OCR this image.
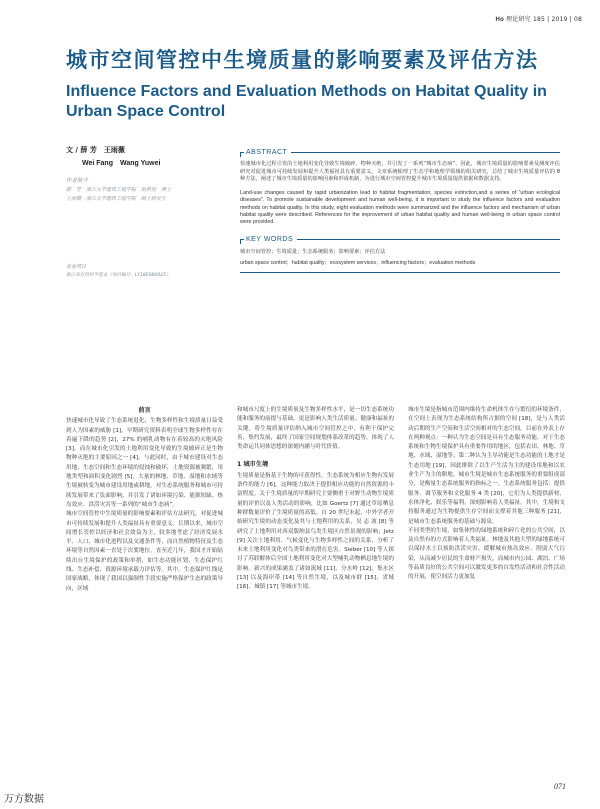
Ho 理论研究 185 | 2019 | 08
城市空间管控中生境质量的影响要素及评估方法
Influence Factors and Evaluation Methods on Habitat Quality in Urban Space Control
文 / 薛 芳　王雨薇
Wei Fang　Wang Yuwei
作者简介
薛　芳　浙江大学建筑工程学院　助教授　博士
王雨薇　浙江大学建筑工程学院　硕士研究生
基金项目
浙江省自然科学基金（项目编号：LY18E080025）
ABSTRACT

快速城市化过程引发的土地利用变化导致生境破碎、物种灭绝，并引发了一系列“城市生态病”，因此，城市生境质量的影响要素及测度评估研究对促进城市可持续发展和提升人类福祉具有重要意义。文章系统梳理了生态学和地理学领域的相关研究，总结了城市生境质量评估的 8 种方法，阐述了城市生境质量的影响因素和形成机制，为进行城市空间管控提升城市生境质量提供依据和数据支持。

Land-use changes caused by rapid urbanization lead to habitat fragmentation, species extinction,and a series of “urban ecological diseases”. To promote sustainable development and human well-being, it is important to study the influence factors and evaluation methods on habitat quality. In this study, eight evaluation methods were summarized and the influence factors and mechanism of urban habitat quality were described. References for the improvement of urban habitat quality and human well-being in urban space control were provided.

KEY WORDS

城市空间管控；生境质量；生态系统服务；影响要素；评估方法

urban space control；habitat quality；ecosystem services；influencing factors；evaluation methods

前言

快速城市化导致了生态系统退化，生物多样性和生境质量日益受到人为因素的威胁 [1]。早期研究资料表明全球生物多样性存在着遍下降的趋势 [2]，27% 的哺乳动物有在着较高的灭绝风险 [3]。而在城市化引发的土地利用变化导致的生境破碎正是生物物种灭绝的主要原因之一 [4]。与此同时，由于城市建设对生态用地、生态空间和生态环境的侵蚀和破坏，土地资源被频繁，用地类型和面积变化剧烈 [5]，大量的林地、草地、湿地和水域等生境被转变为城市建设用地或耕地，对生态系统服务和城市可持续发展带来了负面影响，并引发了诸如环境污染、能源短缺、热岛效应、洪涝灾害等一系列的“城市生态病”。

城市空间管控中生境质量的影响要素和评估方法研究，对促进城市可持续发展和提升人类福祉具有重要意义。长期以来，城市空间增长管控以经济和社会效益为主，较多地考虑了经济发展水平、人口、城市化进程以及交通条件等，而自然植物特征及生态环境等自然因素一直处于次要地位。直至近几年，我国才开始陆续出台生境保护的政策和举措，如生态功能区划、生态保护红线、生态补偿、资源环境承载力评估等。其中，生态保护红线是国家战略，体现了我国以强制性手段实施严格保护生态的政策导向，区域

和城市尺度上的生境质量及生物多样性水平，是一切生态系统功能和服务的前提与基础，更是影响人类生活质量、健康和福祉的关键。将生境质量评估纳入城市空间管控之中，有利于保护完善、集约发展，最终了国家空间规划体系改革的趋势，体现了人类命运共同体思想的深刻内涵与时代价值。

1 城市生境

生境质量是指基于生物的可获得性，生态系统为相应生物有发展条件的能力 [6]。这种能力取决于提供相应功能的自然资源的丰富程度。关于生境质量的早期研究主要侧重于对野生动物生境质量的评价以及人类活动的影响，比如 Goertz [7] 通过草原栖息种群数量评价了生境质量的高低。自 20 世纪末起，中外学者开始研究生境的动态变化及其与土地利用的关系，吴 志 波 [8] 等研究了土地利用对西双版纳县鸟类生境区自然景观的影响；Jetz [9] 关注土地利用、气候变化与生物多样性之间的关系，分析了未来土地利用变化对鸟类带来的潜在危害。Sieber [10] 等人探讨了苏联解体后全国土地利用变化对大型哺乳动物栖息地生境的影响。新兴的成果涵盖了诸如流域 [11]、分水岭 [12]、集水区 [13] 以及海岸带 [14] 等自然生境，以及城市群 [15]、省域 [16]、城镇 [17] 等城市生境。

城市生境是指城市范围内维持生命机体生存与繁衍的环境条件，在空间上表现为生态系统结构所占据的空间 [18]，是与人类活动后期的生产空间和生活空间相对的生态空间。目前在外表上存在两种观点：一种认为生态空间是具有生态服务功能、对于生态系统和生物生境保护具有重要作用的地区，包括农田、林地、草地、水域、湿地等；第二种认为主导功能是生态功能的土地才是生态用地 [19]，因此排除了以生产生活为主的建设用地和以农业生产为主的耕地。城市生境是城市生态系统服务的重要组成部分，是衡量生态系统服务的指标之一。生态系统服务包括：提供服务、调节服务和文化服务 4 类 [20]，它们为人类提供新材、水体净化、娱乐等福利。深刻影响着人类福祉。其中，生境和支持服务通过为生物提供生存空间而支撑着其他三种服务 [21]，是城市生态系统服务的基础与源泉。

不同类型的生境，如集体性的绿地系统和碎片化的公共空间，以及自然有的方式影响着人类福祉。林地及其他大型的绿地系统可以保持水土以预防洪涝灾害、缓解城市热岛效应、削弱大气污染，从而减少居民的生命财产损失。而城市内公园、湖泊、广场等品质良好的公共空间可以激发更多的自发性活动和社会性活动的开展，使空间活力更加复

071
万方数据
